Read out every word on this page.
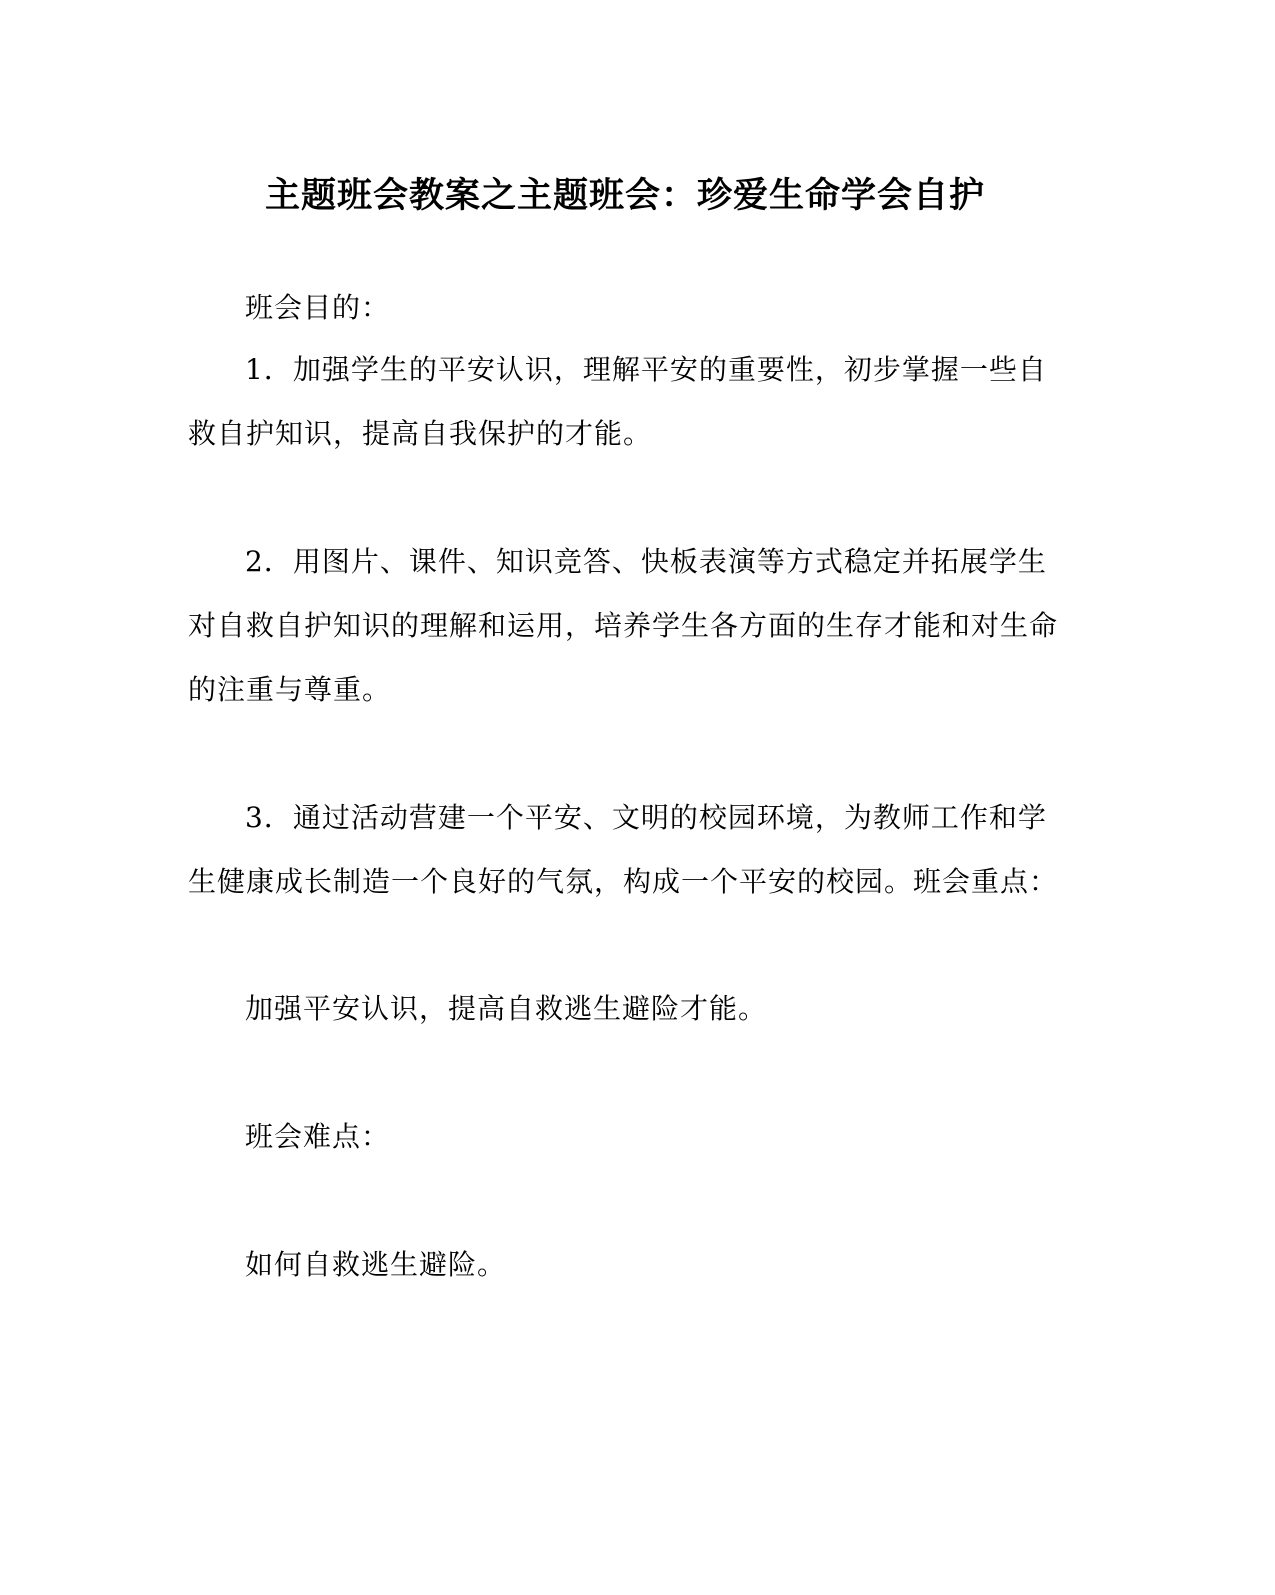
主题班会教案之主题班会：珍爱生命学会自护

班会目的：

1．加强学生的平安认识，理解平安的重要性，初步掌握一些自救自护知识，提高自我保护的才能。

2．用图片、课件、知识竞答、快板表演等方式稳定并拓展学生对自救自护知识的理解和运用，培养学生各方面的生存才能和对生命的注重与尊重。

3．通过活动营建一个平安、文明的校园环境，为教师工作和学生健康成长制造一个良好的气氛，构成一个平安的校园。班会重点：

加强平安认识，提高自救逃生避险才能。

班会难点：

如何自救逃生避险。
